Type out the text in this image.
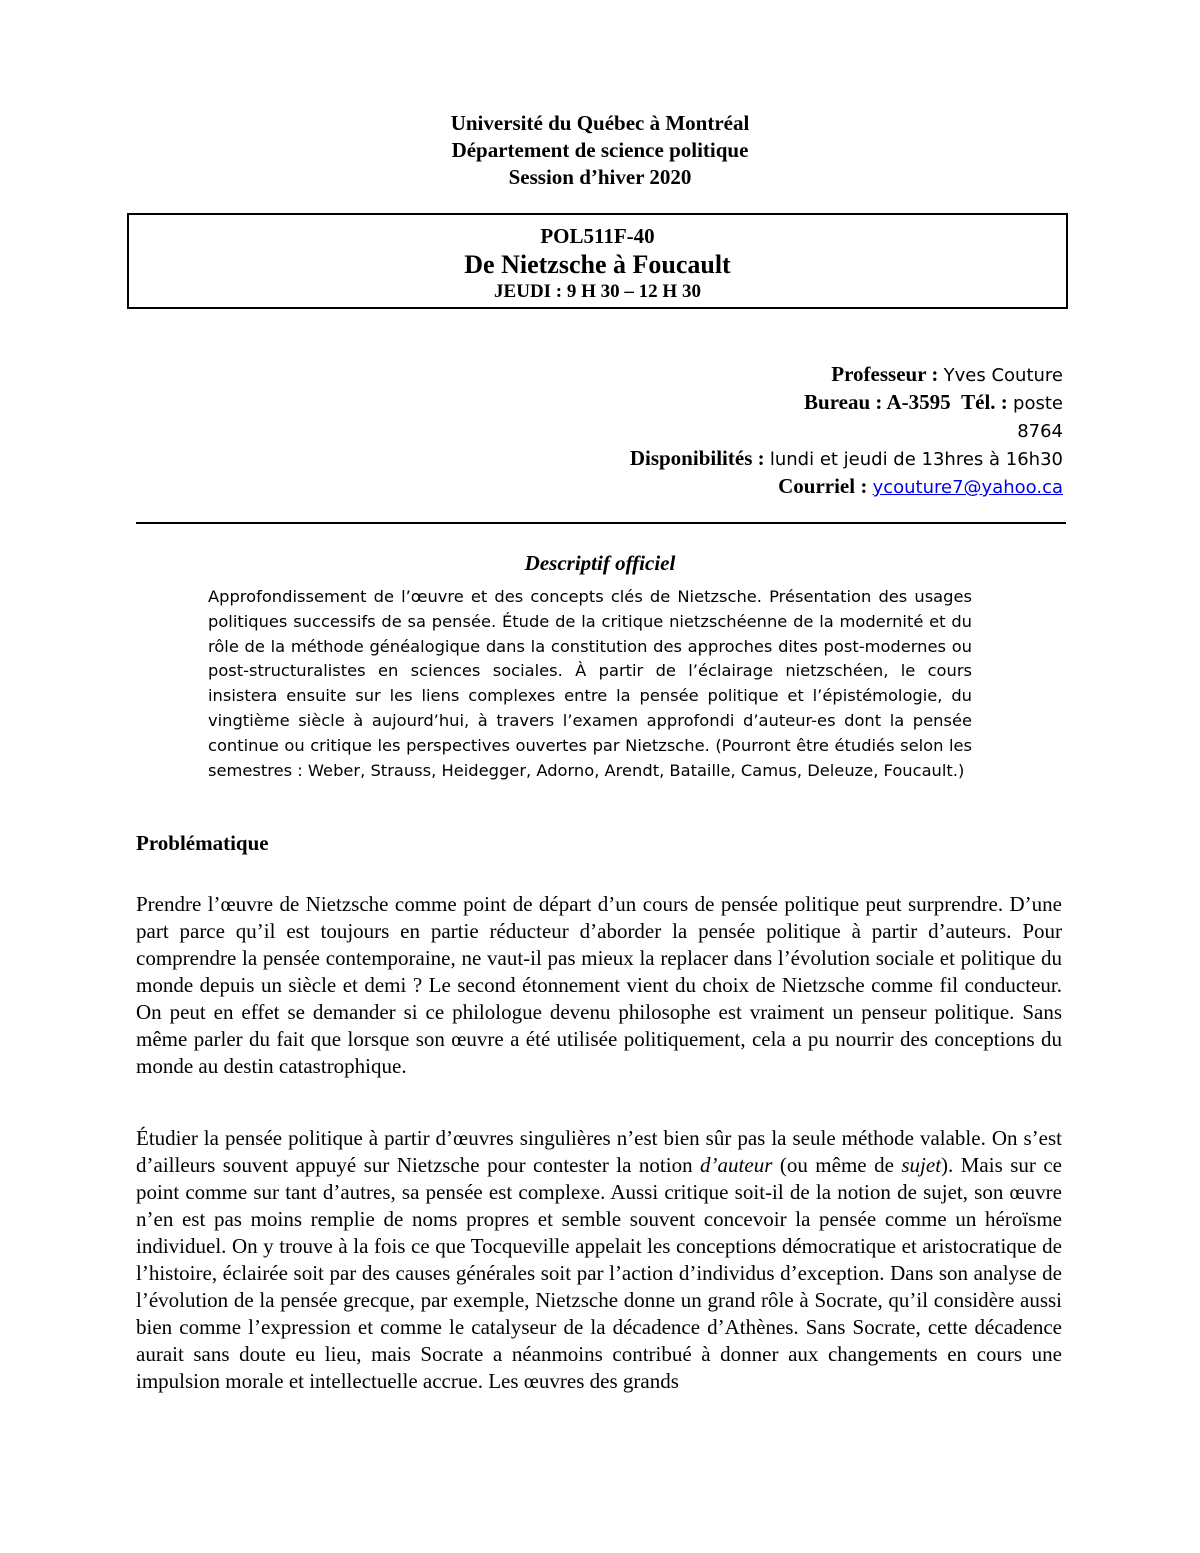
Université du Québec à Montréal
Département de science politique
Session d’hiver 2020
POL511F-40
De Nietzsche à Foucault
JEUDI : 9 H 30 – 12 H 30
Professeur : Yves Couture
Bureau : A-3595 Tél. : poste
8764
Disponibilités : lundi et jeudi de 13hres à 16h30
Courriel : ycouture7@yahoo.ca
Descriptif officiel

Approfondissement de l’œuvre et des concepts clés de Nietzsche. Présentation des usages politiques successifs de sa pensée. Étude de la critique nietzschéenne de la modernité et du rôle de la méthode généalogique dans la constitution des approches dites post-modernes ou post-structuralistes en sciences sociales. À partir de l’éclairage nietzschéen, le cours insistera ensuite sur les liens complexes entre la pensée politique et l’épistémologie, du vingtième siècle à aujourd’hui, à travers l’examen approfondi d’auteur-es dont la pensée continue ou critique les perspectives ouvertes par Nietzsche. (Pourront être étudiés selon les semestres : Weber, Strauss, Heidegger, Adorno, Arendt, Bataille, Camus, Deleuze, Foucault.)

Problématique

Prendre l’œuvre de Nietzsche comme point de départ d’un cours de pensée politique peut surprendre. D’une part parce qu’il est toujours en partie réducteur d’aborder la pensée politique à partir d’auteurs. Pour comprendre la pensée contemporaine, ne vaut-il pas mieux la replacer dans l’évolution sociale et politique du monde depuis un siècle et demi ? Le second étonnement vient du choix de Nietzsche comme fil conducteur. On peut en effet se demander si ce philologue devenu philosophe est vraiment un penseur politique. Sans même parler du fait que lorsque son œuvre a été utilisée politiquement, cela a pu nourrir des conceptions du monde au destin catastrophique.

Étudier la pensée politique à partir d’œuvres singulières n’est bien sûr pas la seule méthode valable. On s’est d’ailleurs souvent appuyé sur Nietzsche pour contester la notion d’auteur (ou même de sujet). Mais sur ce point comme sur tant d’autres, sa pensée est complexe. Aussi critique soit-il de la notion de sujet, son œuvre n’en est pas moins remplie de noms propres et semble souvent concevoir la pensée comme un héroïsme individuel. On y trouve à la fois ce que Tocqueville appelait les conceptions démocratique et aristocratique de l’histoire, éclairée soit par des causes générales soit par l’action d’individus d’exception. Dans son analyse de l’évolution de la pensée grecque, par exemple, Nietzsche donne un grand rôle à Socrate, qu’il considère aussi bien comme l’expression et comme le catalyseur de la décadence d’Athènes. Sans Socrate, cette décadence aurait sans doute eu lieu, mais Socrate a néanmoins contribué à donner aux changements en cours une impulsion morale et intellectuelle accrue. Les œuvres des grands
